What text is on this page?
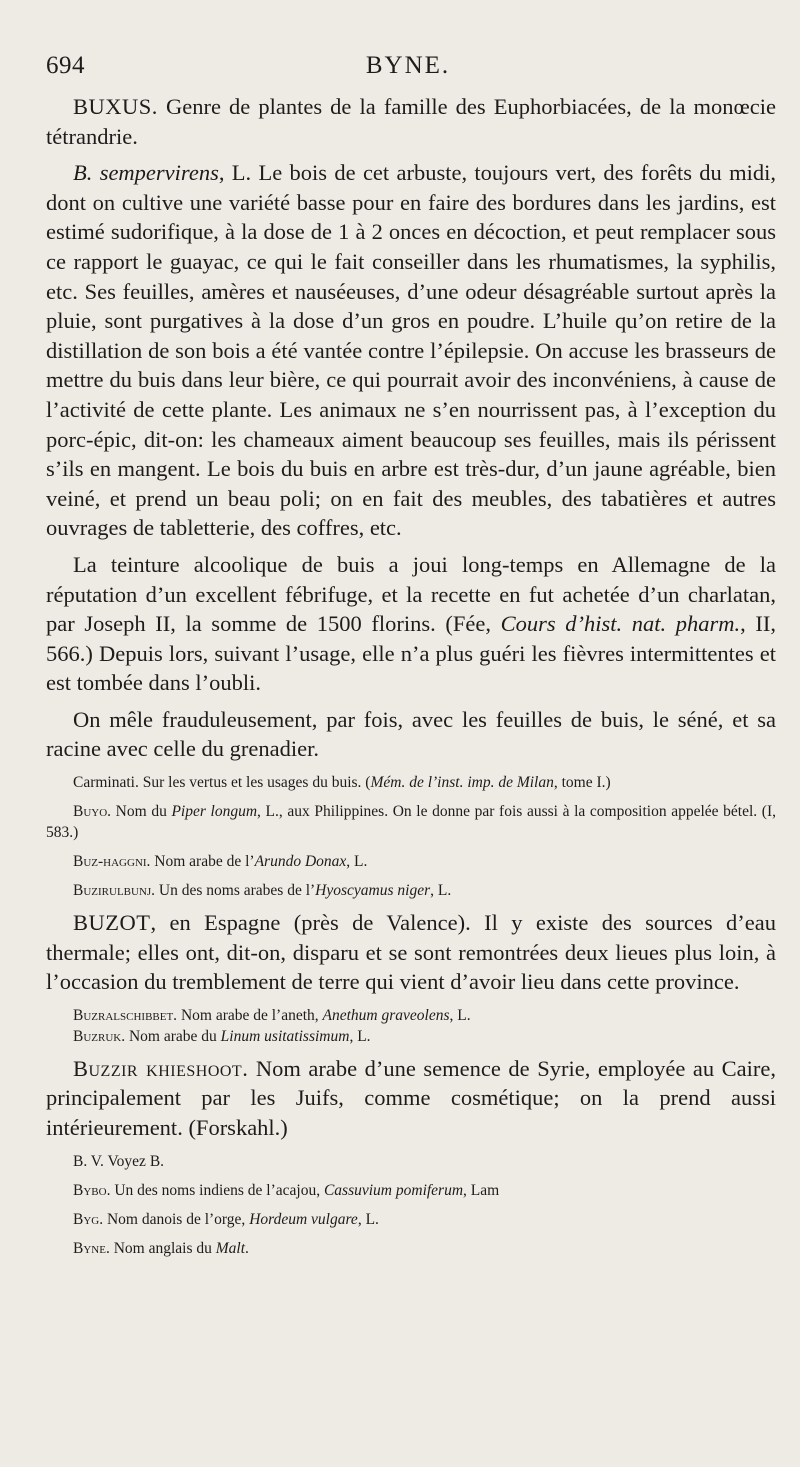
694	BYNE.

BUXUS. Genre de plantes de la famille des Euphorbiacées, de la monœcie tétrandrie.

B. sempervirens, L. Le bois de cet arbuste, toujours vert, des forêts du midi, dont on cultive une variété basse pour en faire des bordures dans les jardins, est estimé sudorifique, à la dose de 1 à 2 onces en décoction, et peut remplacer sous ce rapport le guayac, ce qui le fait conseiller dans les rhumatismes, la syphilis, etc. Ses feuilles, amères et nauséeuses, d’une odeur désagréable surtout après la pluie, sont purgatives à la dose d’un gros en poudre. L’huile qu’on retire de la distillation de son bois a été vantée contre l’épilepsie. On accuse les brasseurs de mettre du buis dans leur bière, ce qui pourrait avoir des inconvéniens, à cause de l’activité de cette plante. Les animaux ne s’en nourrissent pas, à l’exception du porc-épic, dit-on: les chameaux aiment beaucoup ses feuilles, mais ils périssent s’ils en mangent. Le bois du buis en arbre est très-dur, d’un jaune agréable, bien veiné, et prend un beau poli; on en fait des meubles, des tabatières et autres ouvrages de tabletterie, des coffres, etc.

La teinture alcoolique de buis a joui long-temps en Allemagne de la réputation d’un excellent fébrifuge, et la recette en fut achetée d’un charlatan, par Joseph II, la somme de 1500 florins. (Fée, Cours d’hist. nat. pharm., II, 566.) Depuis lors, suivant l’usage, elle n’a plus guéri les fièvres intermittentes et est tombée dans l’oubli.

On mêle frauduleusement, par fois, avec les feuilles de buis, le séné, et sa racine avec celle du grenadier.

Carminati. Sur les vertus et les usages du buis. (Mém. de l’inst. imp. de Milan, tome I.)

Buyo. Nom du Piper longum, L., aux Philippines. On le donne par fois aussi à la composition appelée bétel. (I, 583.)

Buz-haggni. Nom arabe de l’Arundo Donax, L.

Buzirulbunj. Un des noms arabes de l’Hyoscyamus niger, L.

BUZOT, en Espagne (près de Valence). Il y existe des sources d’eau thermale; elles ont, dit-on, disparu et se sont remontrées deux lieues plus loin, à l’occasion du tremblement de terre qui vient d’avoir lieu dans cette province.

Buzralschibbet. Nom arabe de l’aneth, Anethum graveolens, L.

Buzruk. Nom arabe du Linum usitatissimum, L.

Buzzir khieshoot. Nom arabe d’une semence de Syrie, employée au Caire, principalement par les Juifs, comme cosmétique; on la prend aussi intérieurement. (Forskahl.)

B. V. Voyez B.

Bybo. Un des noms indiens de l’acajou, Cassuvium pomiferum, Lam

Byg. Nom danois de l’orge, Hordeum vulgare, L.

Byne. Nom anglais du Malt.
